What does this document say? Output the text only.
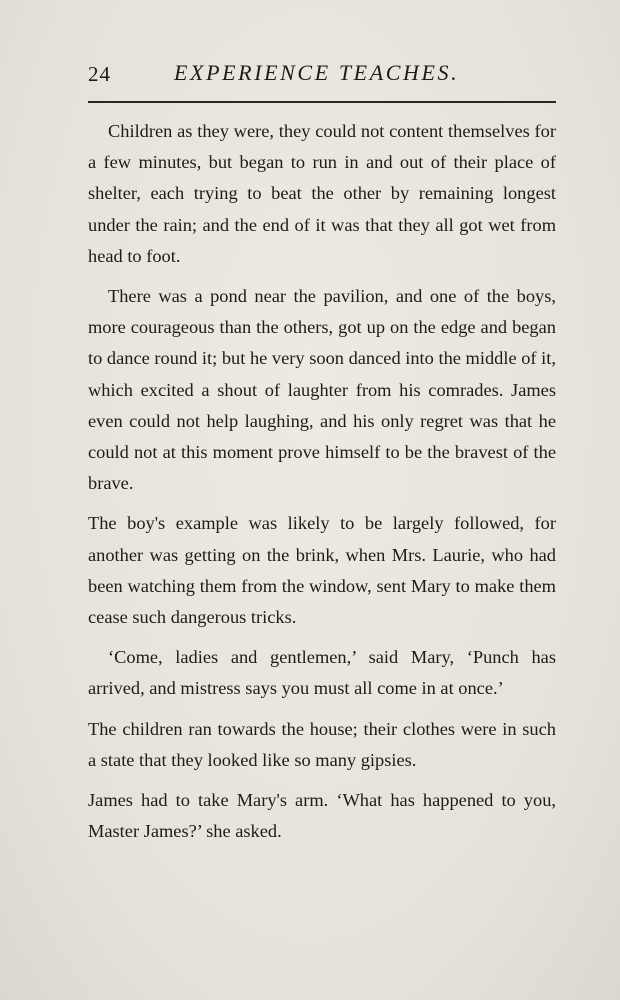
24	EXPERIENCE TEACHES.

Children as they were, they could not content themselves for a few minutes, but began to run in and out of their place of shelter, each trying to beat the other by remaining longest under the rain; and the end of it was that they all got wet from head to foot.

There was a pond near the pavilion, and one of the boys, more courageous than the others, got up on the edge and began to dance round it; but he very soon danced into the middle of it, which excited a shout of laughter from his comrades. James even could not help laughing, and his only regret was that he could not at this moment prove himself to be the bravest of the brave.

The boy's example was likely to be largely followed, for another was getting on the brink, when Mrs. Laurie, who had been watching them from the window, sent Mary to make them cease such dangerous tricks.

‘Come, ladies and gentlemen,’ said Mary, ‘Punch has arrived, and mistress says you must all come in at once.’

The children ran towards the house; their clothes were in such a state that they looked like so many gipsies.

James had to take Mary's arm. ‘What has happened to you, Master James?’ she asked.
